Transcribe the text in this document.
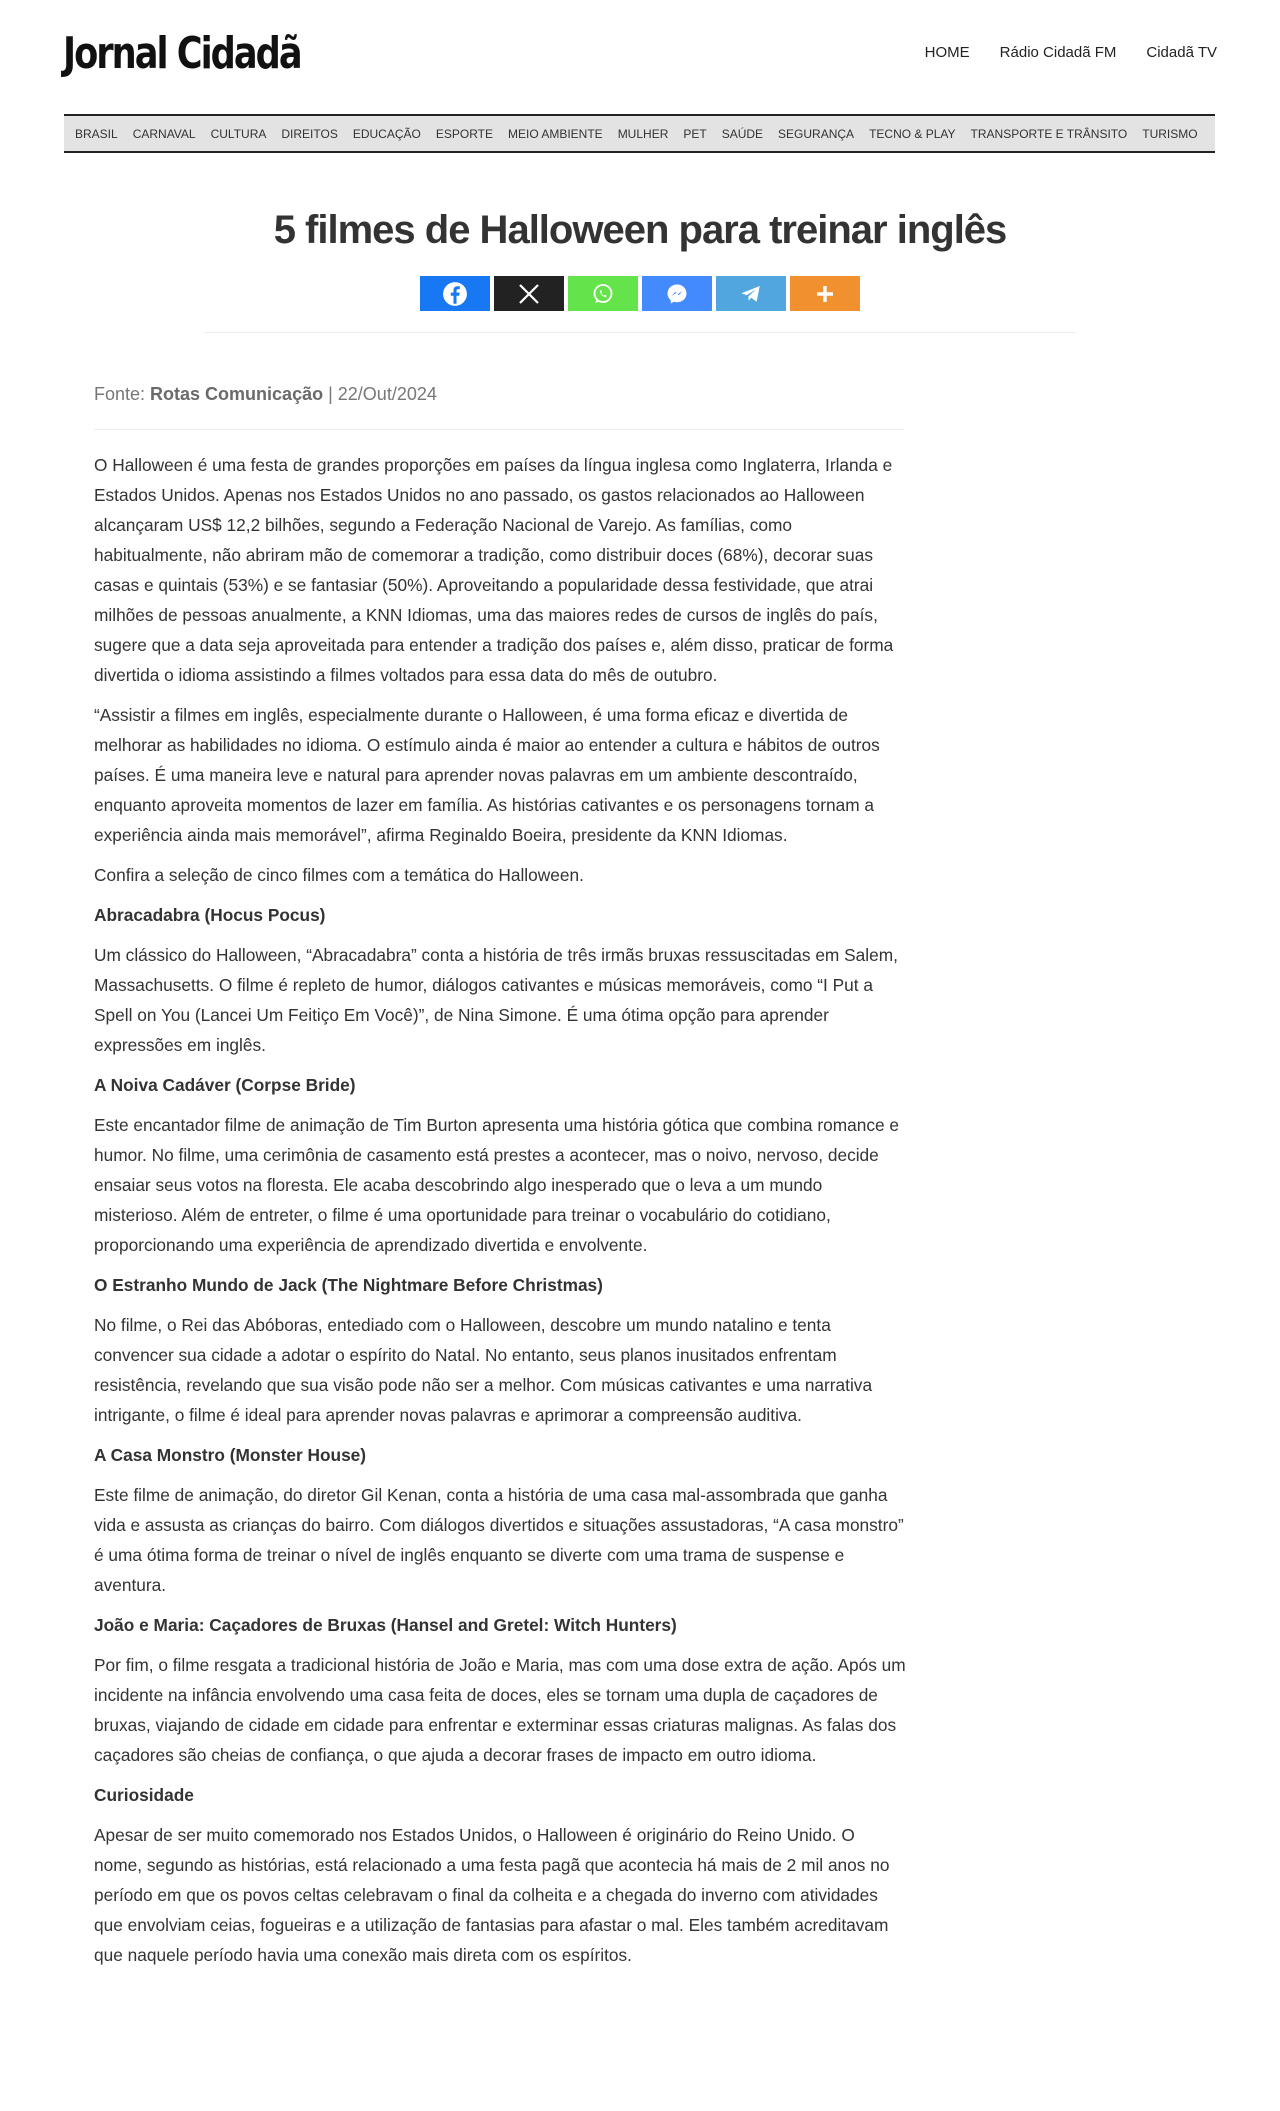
Jornal Cidadã	HOME Rádio Cidadã FM Cidadã TV
BRASIL CARNAVAL CULTURA DIREITOS EDUCAÇÃO ESPORTE MEIO AMBIENTE MULHER PET SAÚDE SEGURANÇA TECNO & PLAY TRANSPORTE E TRÂNSITO TURISMO
5 filmes de Halloween para treinar inglês
Fonte: Rotas Comunicação | 22/Out/2024

O Halloween é uma festa de grandes proporções em países da língua inglesa como Inglaterra, Irlanda e Estados Unidos. Apenas nos Estados Unidos no ano passado, os gastos relacionados ao Halloween alcançaram US$ 12,2 bilhões, segundo a Federação Nacional de Varejo. As famílias, como habitualmente, não abriram mão de comemorar a tradição, como distribuir doces (68%), decorar suas casas e quintais (53%) e se fantasiar (50%). Aproveitando a popularidade dessa festividade, que atrai milhões de pessoas anualmente, a KNN Idiomas, uma das maiores redes de cursos de inglês do país, sugere que a data seja aproveitada para entender a tradição dos países e, além disso, praticar de forma divertida o idioma assistindo a filmes voltados para essa data do mês de outubro.

“Assistir a filmes em inglês, especialmente durante o Halloween, é uma forma eficaz e divertida de melhorar as habilidades no idioma. O estímulo ainda é maior ao entender a cultura e hábitos de outros países. É uma maneira leve e natural para aprender novas palavras em um ambiente descontraído, enquanto aproveita momentos de lazer em família. As histórias cativantes e os personagens tornam a experiência ainda mais memorável”, afirma Reginaldo Boeira, presidente da KNN Idiomas.

Confira a seleção de cinco filmes com a temática do Halloween.

Abracadabra (Hocus Pocus)

Um clássico do Halloween, “Abracadabra” conta a história de três irmãs bruxas ressuscitadas em Salem, Massachusetts. O filme é repleto de humor, diálogos cativantes e músicas memoráveis, como “I Put a Spell on You (Lancei Um Feitiço Em Você)”, de Nina Simone. É uma ótima opção para aprender expressões em inglês.

A Noiva Cadáver (Corpse Bride)

Este encantador filme de animação de Tim Burton apresenta uma história gótica que combina romance e humor. No filme, uma cerimônia de casamento está prestes a acontecer, mas o noivo, nervoso, decide ensaiar seus votos na floresta. Ele acaba descobrindo algo inesperado que o leva a um mundo misterioso. Além de entreter, o filme é uma oportunidade para treinar o vocabulário do cotidiano, proporcionando uma experiência de aprendizado divertida e envolvente.

O Estranho Mundo de Jack (The Nightmare Before Christmas)

No filme, o Rei das Abóboras, entediado com o Halloween, descobre um mundo natalino e tenta convencer sua cidade a adotar o espírito do Natal. No entanto, seus planos inusitados enfrentam resistência, revelando que sua visão pode não ser a melhor. Com músicas cativantes e uma narrativa intrigante, o filme é ideal para aprender novas palavras e aprimorar a compreensão auditiva.

A Casa Monstro (Monster House)

Este filme de animação, do diretor Gil Kenan, conta a história de uma casa mal-assombrada que ganha vida e assusta as crianças do bairro. Com diálogos divertidos e situações assustadoras, “A casa monstro” é uma ótima forma de treinar o nível de inglês enquanto se diverte com uma trama de suspense e aventura.

João e Maria: Caçadores de Bruxas (Hansel and Gretel: Witch Hunters)

Por fim, o filme resgata a tradicional história de João e Maria, mas com uma dose extra de ação. Após um incidente na infância envolvendo uma casa feita de doces, eles se tornam uma dupla de caçadores de bruxas, viajando de cidade em cidade para enfrentar e exterminar essas criaturas malignas. As falas dos caçadores são cheias de confiança, o que ajuda a decorar frases de impacto em outro idioma.

Curiosidade

Apesar de ser muito comemorado nos Estados Unidos, o Halloween é originário do Reino Unido. O nome, segundo as histórias, está relacionado a uma festa pagã que acontecia há mais de 2 mil anos no período em que os povos celtas celebravam o final da colheita e a chegada do inverno com atividades que envolviam ceias, fogueiras e a utilização de fantasias para afastar o mal. Eles também acreditavam que naquele período havia uma conexão mais direta com os espíritos.
